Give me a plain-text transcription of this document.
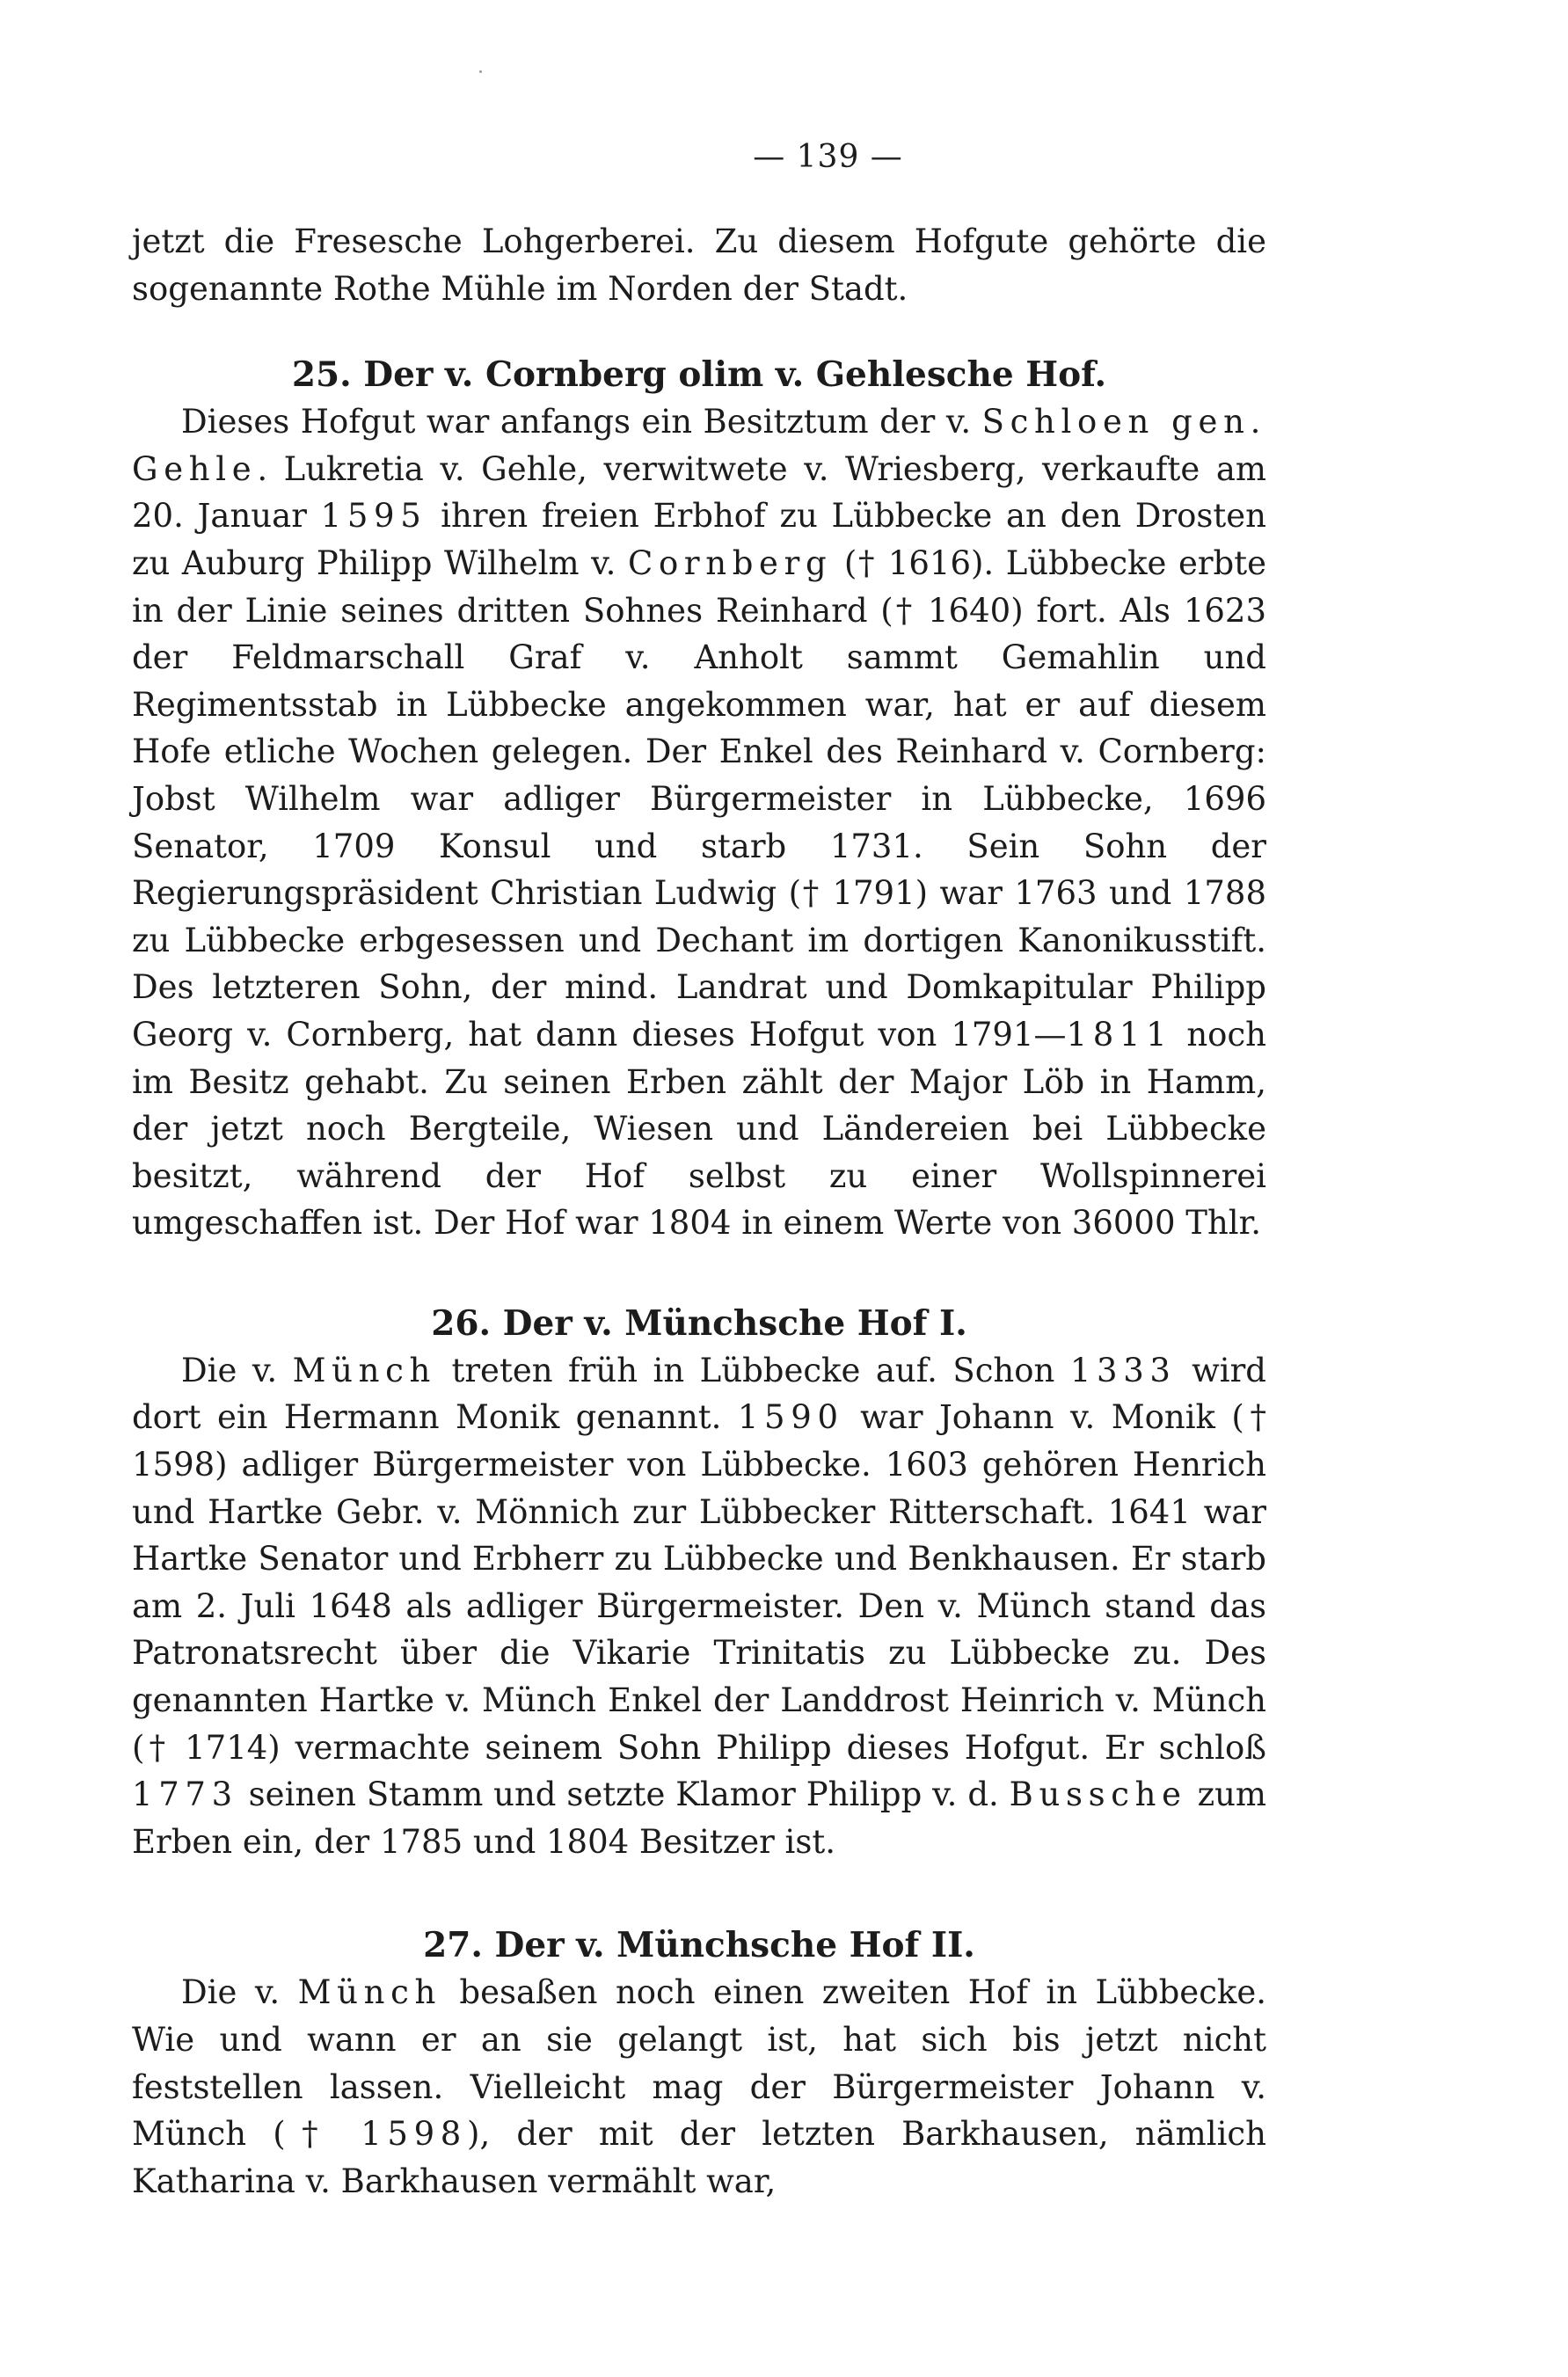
— 139 —

jetzt die Fresesche Lohgerberei. Zu diesem Hofgute gehörte die sogenannte Rothe Mühle im Norden der Stadt.

25. Der v. Cornberg olim v. Gehlesche Hof.

Dieses Hofgut war anfangs ein Besitztum der v. Schloen gen. Gehle. Lukretia v. Gehle, verwitwete v. Wriesberg, verkaufte am 20. Januar 1595 ihren freien Erbhof zu Lübbecke an den Drosten zu Auburg Philipp Wilhelm v. Cornberg († 1616). Lübbecke erbte in der Linie seines dritten Sohnes Reinhard († 1640) fort. Als 1623 der Feldmarschall Graf v. Anholt sammt Gemahlin und Regimentsstab in Lübbecke angekommen war, hat er auf diesem Hofe etliche Wochen gelegen. Der Enkel des Reinhard v. Cornberg: Jobst Wilhelm war adliger Bürgermeister in Lübbecke, 1696 Senator, 1709 Konsul und starb 1731. Sein Sohn der Regierungspräsident Christian Ludwig († 1791) war 1763 und 1788 zu Lübbecke erbgesessen und Dechant im dortigen Kanonikusstift. Des letzteren Sohn, der mind. Landrat und Domkapitular Philipp Georg v. Cornberg, hat dann dieses Hofgut von 1791—1811 noch im Besitz gehabt. Zu seinen Erben zählt der Major Löb in Hamm, der jetzt noch Bergteile, Wiesen und Ländereien bei Lübbecke besitzt, während der Hof selbst zu einer Wollspinnerei umgeschaffen ist. Der Hof war 1804 in einem Werte von 36000 Thlr.

26. Der v. Münchsche Hof I.

Die v. Münch treten früh in Lübbecke auf. Schon 1333 wird dort ein Hermann Monik genannt. 1590 war Johann v. Monik († 1598) adliger Bürgermeister von Lübbecke. 1603 gehören Henrich und Hartke Gebr. v. Mönnich zur Lübbecker Ritterschaft. 1641 war Hartke Senator und Erbherr zu Lübbecke und Benkhausen. Er starb am 2. Juli 1648 als adliger Bürgermeister. Den v. Münch stand das Patronatsrecht über die Vikarie Trinitatis zu Lübbecke zu. Des genannten Hartke v. Münch Enkel der Landdrost Heinrich v. Münch († 1714) vermachte seinem Sohn Philipp dieses Hofgut. Er schloß 1773 seinen Stamm und setzte Klamor Philipp v. d. Bussche zum Erben ein, der 1785 und 1804 Besitzer ist.

27. Der v. Münchsche Hof II.

Die v. Münch besaßen noch einen zweiten Hof in Lübbecke. Wie und wann er an sie gelangt ist, hat sich bis jetzt nicht feststellen lassen. Vielleicht mag der Bürgermeister Johann v. Münch († 1598), der mit der letzten Barkhausen, nämlich Katharina v. Barkhausen vermählt war,
